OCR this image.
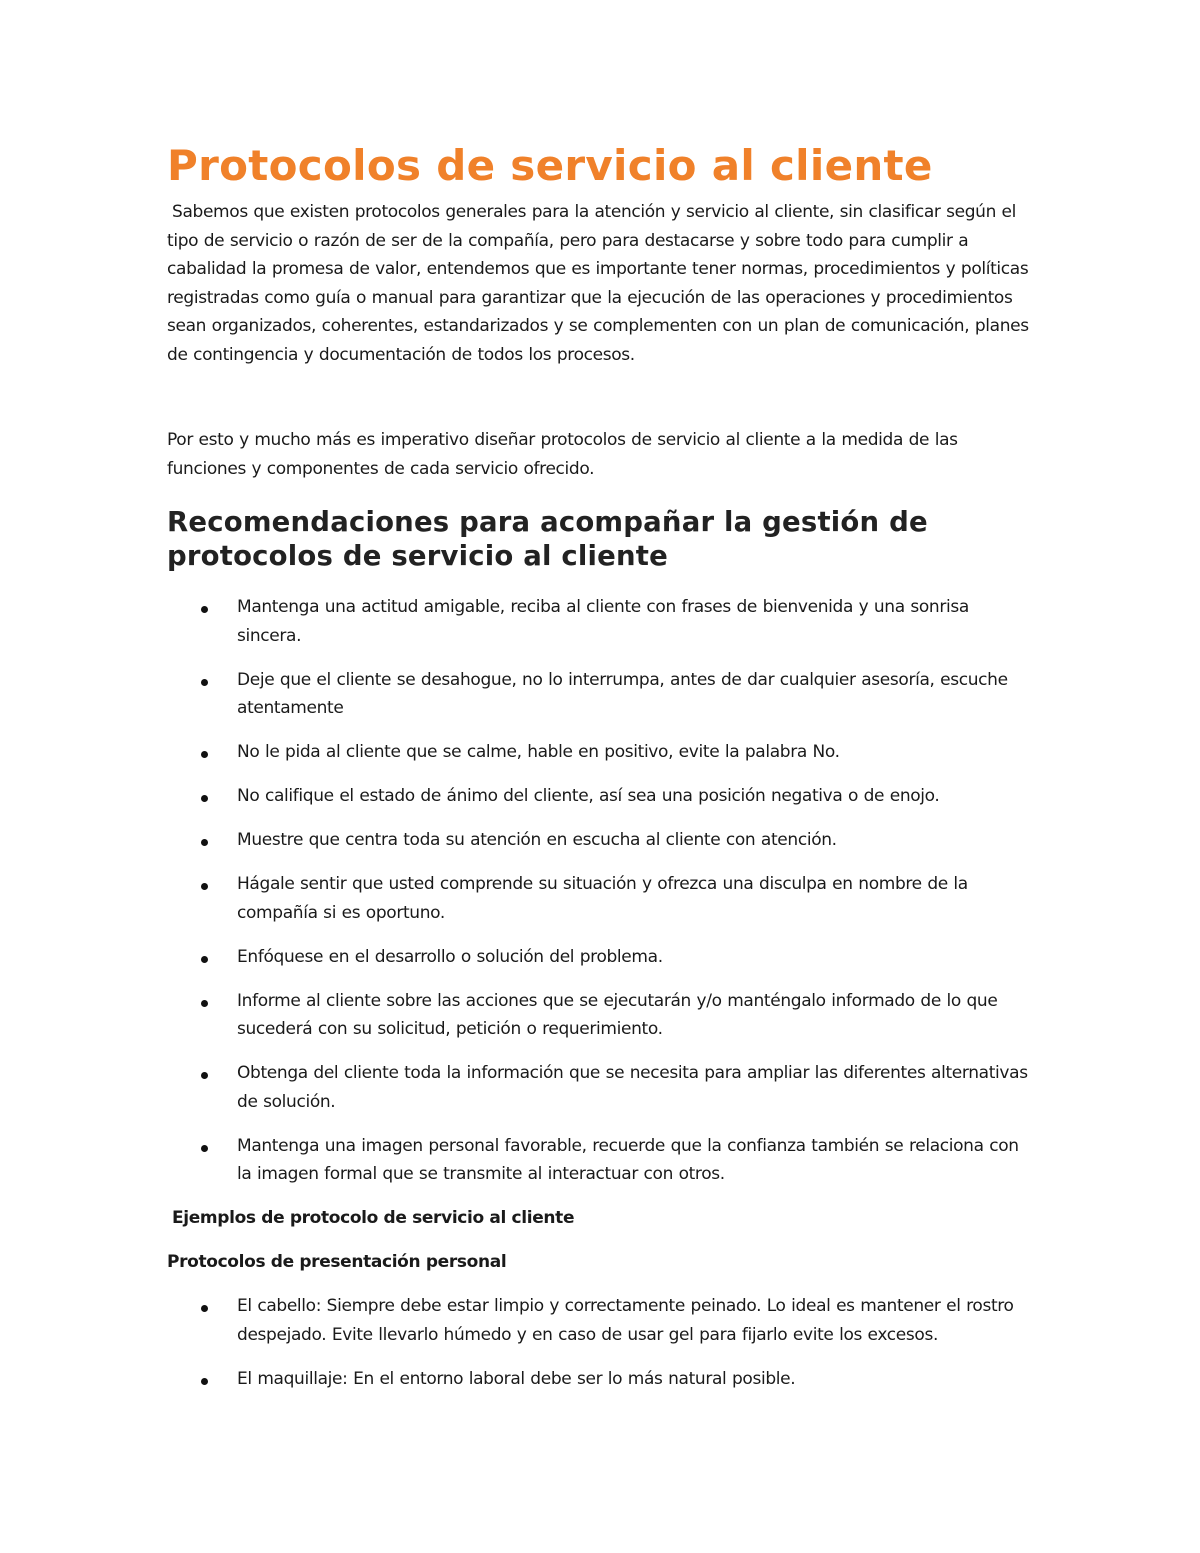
Protocolos de servicio al cliente

Sabemos que existen protocolos generales para la atención y servicio al cliente, sin clasificar según el tipo de servicio o razón de ser de la compañía, pero para destacarse y sobre todo para cumplir a cabalidad la promesa de valor, entendemos que es importante tener normas, procedimientos y políticas registradas como guía o manual para garantizar que la ejecución de las operaciones y procedimientos sean organizados, coherentes, estandarizados y se complementen con un plan de comunicación, planes de contingencia y documentación de todos los procesos.

Por esto y mucho más es imperativo diseñar protocolos de servicio al cliente a la medida de las funciones y componentes de cada servicio ofrecido.

Recomendaciones para acompañar la gestión de protocolos de servicio al cliente
Mantenga una actitud amigable, reciba al cliente con frases de bienvenida y una sonrisa sincera.
Deje que el cliente se desahogue, no lo interrumpa, antes de dar cualquier asesoría, escuche atentamente
No le pida al cliente que se calme, hable en positivo, evite la palabra No.
No califique el estado de ánimo del cliente, así sea una posición negativa o de enojo.
Muestre que centra toda su atención en escucha al cliente con atención.
Hágale sentir que usted comprende su situación y ofrezca una disculpa en nombre de la compañía si es oportuno.
Enfóquese en el desarrollo o solución del problema.
Informe al cliente sobre las acciones que se ejecutarán y/o manténgalo informado de lo que sucederá con su solicitud, petición o requerimiento.
Obtenga del cliente toda la información que se necesita para ampliar las diferentes alternativas de solución.
Mantenga una imagen personal favorable, recuerde que la confianza también se relaciona con la imagen formal que se transmite al interactuar con otros.

Ejemplos de protocolo de servicio al cliente

Protocolos de presentación personal

El cabello: Siempre debe estar limpio y correctamente peinado. Lo ideal es mantener el rostro despejado. Evite llevarlo húmedo y en caso de usar gel para fijarlo evite los excesos.
El maquillaje: En el entorno laboral debe ser lo más natural posible.
